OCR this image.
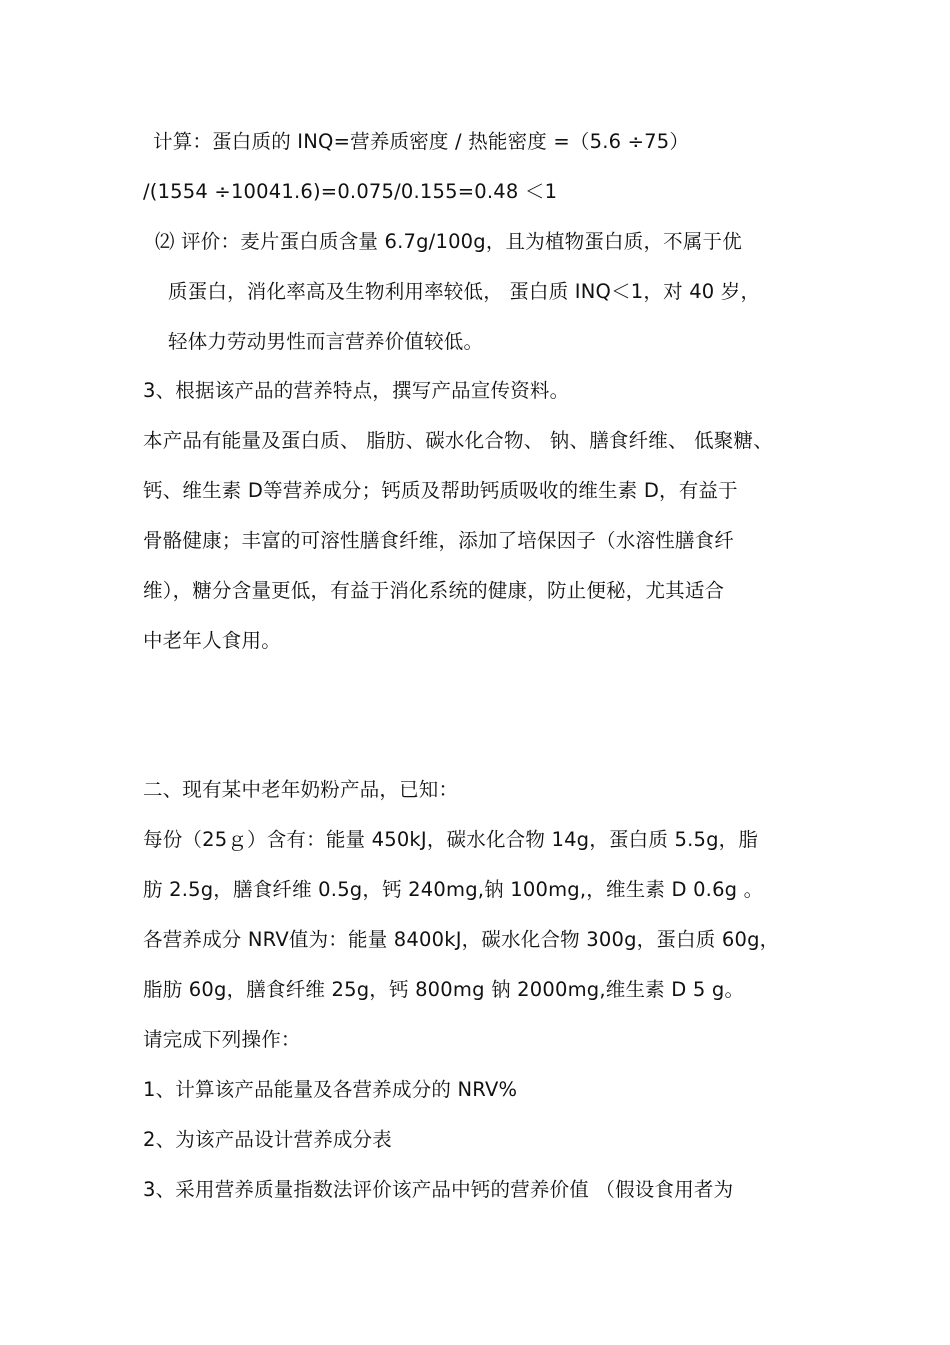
计算：蛋白质的 INQ=营养质密度 / 热能密度 =（5.6 ÷75）
/(1554 ÷10041.6)=0.075/0.155=0.48 ＜1
⑵ 评价：麦片蛋白质含量 6.7g/100g，且为植物蛋白质，不属于优
质蛋白，消化率高及生物利用率较低， 蛋白质 INQ＜1，对 40 岁，
轻体力劳动男性而言营养价值较低。
3、根据该产品的营养特点，撰写产品宣传资料。
本产品有能量及蛋白质、 脂肪、碳水化合物、 钠、膳食纤维、 低聚糖、
钙、维生素 D等营养成分；钙质及帮助钙质吸收的维生素 D，有益于
骨骼健康；丰富的可溶性膳食纤维，添加了培保因子（水溶性膳食纤
维），糖分含量更低，有益于消化系统的健康，防止便秘，尤其适合
中老年人食用。
二、现有某中老年奶粉产品，已知：
每份（25ｇ）含有：能量 450kJ，碳水化合物 14g，蛋白质 5.5g，脂
肪 2.5g，膳食纤维 0.5g，钙 240mg,钠 100mg,，维生素 D 0.6g 。
各营养成分 NRV值为：能量 8400kJ，碳水化合物 300g，蛋白质 60g，
脂肪 60g，膳食纤维 25g，钙 800mg 钠 2000mg,维生素 D 5 g。
请完成下列操作：
1、计算该产品能量及各营养成分的 NRV%
2、为该产品设计营养成分表
3、采用营养质量指数法评价该产品中钙的营养价值 （假设食用者为
